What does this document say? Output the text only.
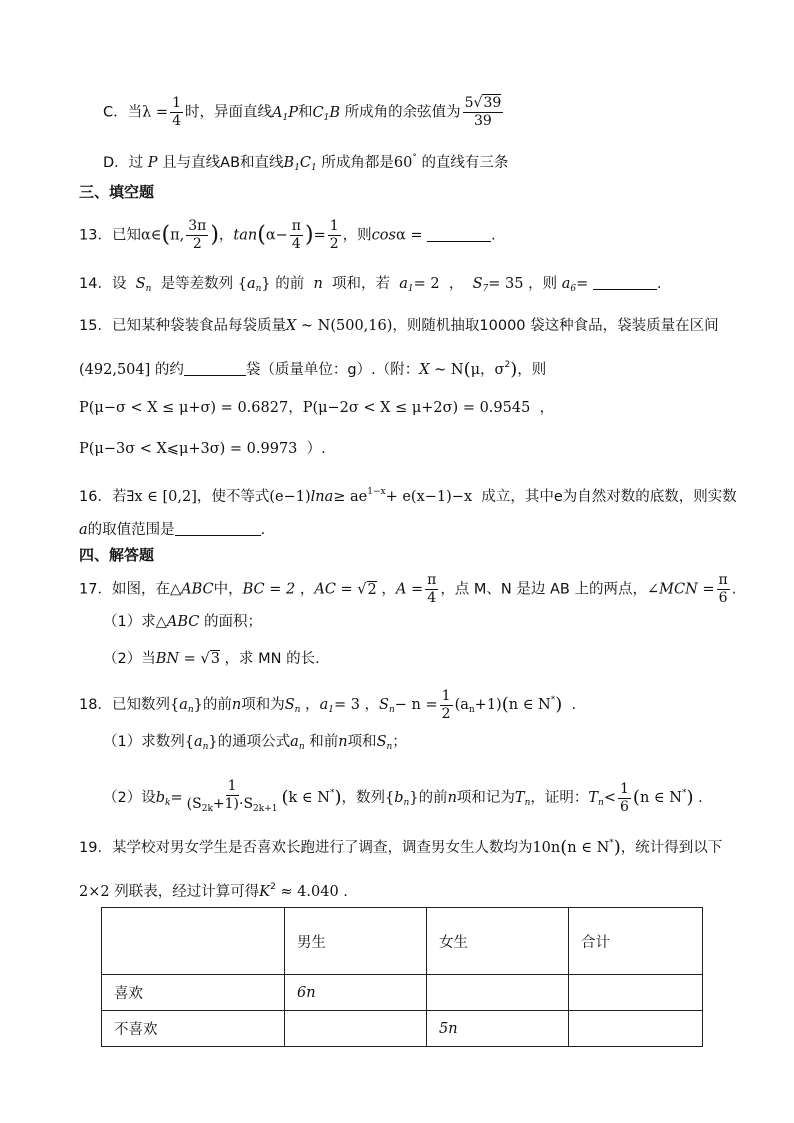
C．当$\lambda = \frac{1}{4}$ 时，异面直线$A_1P$和$C_1B$ 所成角的余弦值为 $\frac{5√39}{39}$
D．过 P 且与直线AB和直线$B_1C_1$ 所成角都是60° 的直线有三条
三、填空题
13．已知α∈(π, $\frac{3\pi}{2}$ )，$\tan(\alpha- \frac{\pi}{4}$ )= $\frac{1}{2}$ ，则cosα =	.
14．设 $S_n$ 是等差数列 $\{a_n\}$ 的前 n 项和，若 $a_1= 2$  ，  $S_7= 35$ ，则 $a_6=$	.
15．已知某种袋装食品每袋质量X ~ N(500,16)，则随机抽取10000 袋这种食品，袋装质量在区间
(492,504] 的约	袋（质量单位：g）.（附：X ~ N(μ，$\sigma^2$)，则
P(μ−σ < X ≤ μ+σ) = 0.6827，P(μ−2σ < X ≤ μ+2σ) = 0.9545  ，
P(μ−3σ < X⩽μ+3σ) = 0.9973 ）.
16．若∃x ∈ [0,2]，使不等式$(e-1)\ln a\ge ae^{1-x}+ e(x-1)-x$ 成立，其中e为自然对数的底数，则实数
a的取值范围是	.
四、解答题
17．如图，在△ABC中，BC = 2 ，AC = √2 ，$A = \frac{\pi}{4}$ ，点 M、N 是边 AB 上的两点，∠MCN = $\frac{\pi}{6}$ .
（1）求△ABC 的面积；
（2）当BN = √3 ，求 MN 的长.
18．已知数列$\{a_n\}$的前n项和为$S_n$ ，$a_1= 3$ ，$S_n- n = \frac{1}{2} (a_n+1)(n$ ∈ N*) .
（1）求数列$\{a_n\}$的通项公式$a_n$ 和前n项和$S_n$；
（2）设$b_k= \frac{1}{(S_{2k}+1)\cdot S_{2k+1}} (k$ ∈ N*)，数列$\{b_n\}$的前n项和记为$T_n$，证明：$T_n< \frac{1}{6} (n$ ∈ N*) .
19．某学校对男女学生是否喜欢长跑进行了调查，调查男女生人数均为10n(n ∈ N*)，统计得到以下
2×2 列联表，经过计算可得$K^2 \approx 4.040$ .
	男生	女生	合计
喜欢	6n		
不喜欢		5n	
